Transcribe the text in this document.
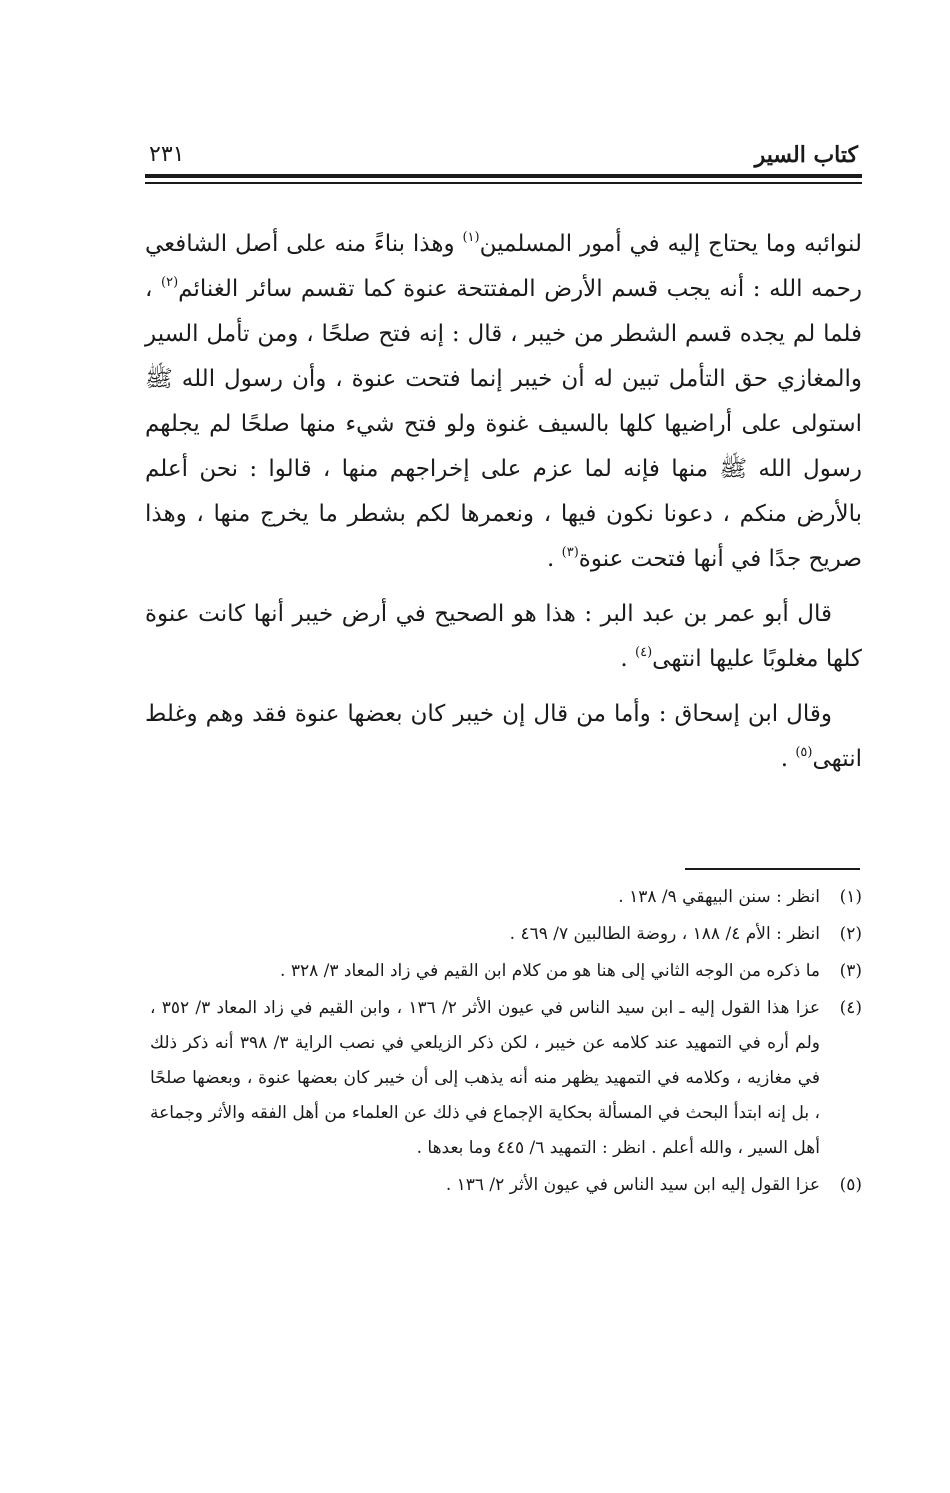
كتاب السير
٢٣١

لنوائبه وما يحتاج إليه في أمور المسلمين$^{(١)}$ وهذا بناءً منه على أصل الشافعي رحمه الله : أنه يجب قسم الأرض المفتتحة عنوة كما تقسم سائر الغنائم$^{(٢)}$ ، فلما لم يجده قسم الشطر من خيبر ، قال : إنه فتح صلحًا ، ومن تأمل السير والمغازي حق التأمل تبين له أن خيبر إنما فتحت عنوة ، وأن رسول الله ﷺ استولى على أراضيها كلها بالسيف غنوة ولو فتح شيء منها صلحًا لم يجلهم رسول الله ﷺ منها فإنه لما عزم على إخراجهم منها ، قالوا : نحن أعلم بالأرض منكم ، دعونا نكون فيها ، ونعمرها لكم بشطر ما يخرج منها ، وهذا صريح جدًا في أنها فتحت عنوة$^{(٣)}$ .

قال أبو عمر بن عبد البر : هذا هو الصحيح في أرض خيبر أنها كانت عنوة كلها مغلوبًا عليها انتهى$^{(٤)}$ .

وقال ابن إسحاق : وأما من قال إن خيبر كان بعضها عنوة فقد وهم وغلط انتهى$^{(٥)}$ .

(١)
انظر : سنن البيهقي ٩/ ١٣٨ .
(٢)
انظر : الأم ٤/ ١٨٨ ، روضة الطالبين ٧/ ٤٦٩ .
(٣)
ما ذكره من الوجه الثاني إلى هنا هو من كلام ابن القيم في زاد المعاد ٣/ ٣٢٨ .
(٤)
عزا هذا القول إليه ـ ابن سيد الناس في عيون الأثر ٢/ ١٣٦ ، وابن القيم في زاد المعاد ٣/ ٣٥٢ ، ولم أره في التمهيد عند كلامه عن خيبر ، لكن ذكر الزيلعي في نصب الراية ٣/ ٣٩٨ أنه ذكر ذلك في مغازيه ، وكلامه في التمهيد يظهر منه أنه يذهب إلى أن خيبر كان بعضها عنوة ، وبعضها صلحًا ، بل إنه ابتدأ البحث في المسألة بحكاية الإجماع في ذلك عن العلماء من أهل الفقه والأثر وجماعة أهل السير ، والله أعلم . انظر : التمهيد ٦/ ٤٤٥ وما بعدها .
(٥)
عزا القول إليه ابن سيد الناس في عيون الأثر ٢/ ١٣٦ .
